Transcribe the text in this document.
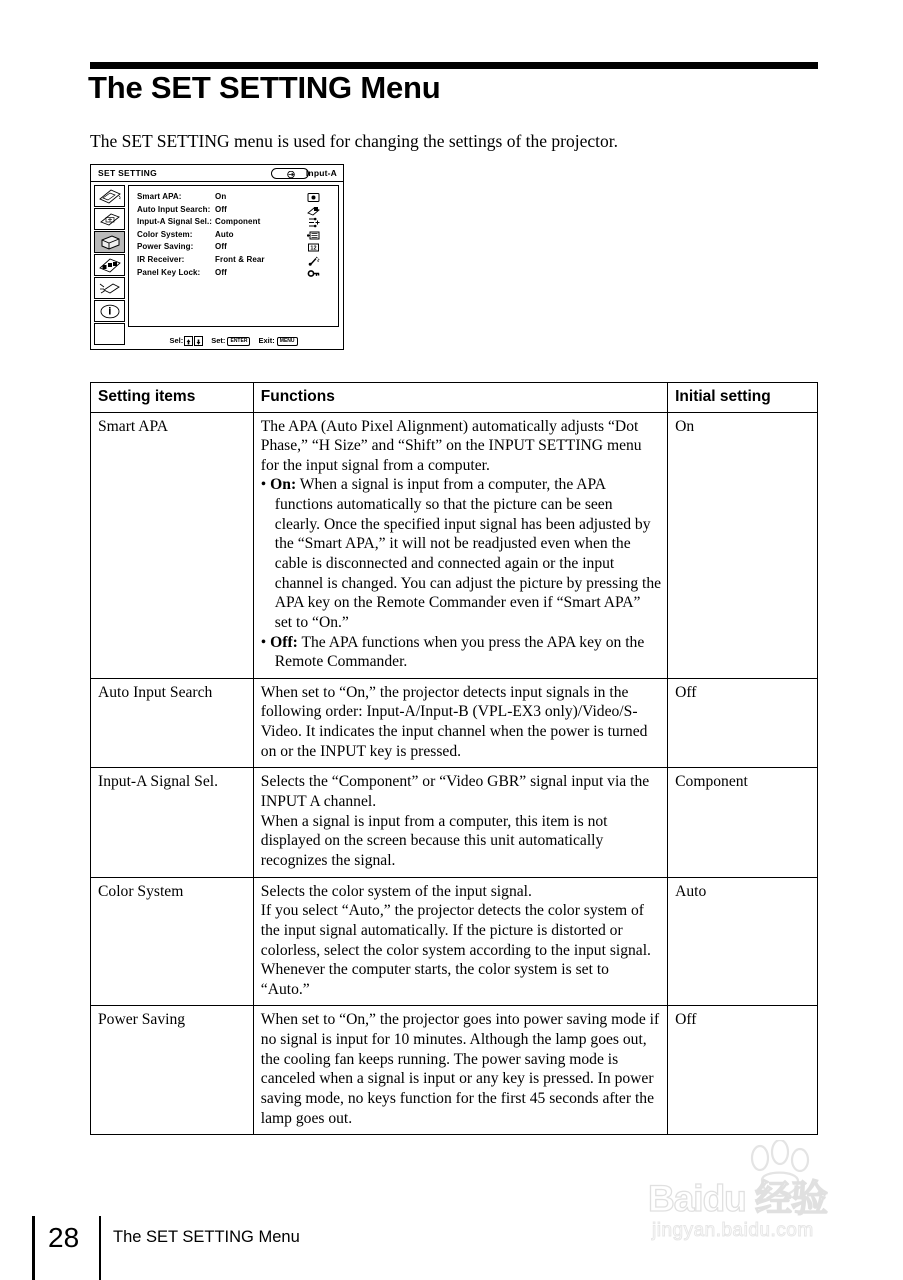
The SET SETTING Menu
The SET SETTING menu is used for changing the settings of the projector.
SET SETTING	Input-A
Smart APA:	On
Auto Input Search: Off
Input-A Signal Sel.: Component
Color System:	Auto
Power Saving:	Off	12
IR Receiver:	Front & Rear
Panel Key Lock: Off
Sel:	Set: ENTER Exit: MENU
Setting items	Functions	Initial setting
Smart APA	The APA (Auto Pixel Alignment) automatically adjusts “Dot Phase,” “H Size” and “Shift” on the INPUT SETTING menu for the input signal from a computer.

• On: When a signal is input from a computer, the APA functions automatically so that the picture can be seen clearly. Once the specified input signal has been adjusted by the “Smart APA,” it will not be readjusted even when the cable is disconnected and connected again or the input channel is changed. You can adjust the picture by pressing the APA key on the Remote Commander even if “Smart APA” set to “On.”

• Off: The APA functions when you press the APA key on the Remote Commander.	On
Auto Input Search	When set to “On,” the projector detects input signals in the following order: Input-A/Input-B (VPL-EX3 only)/Video/S-Video. It indicates the input channel when the power is turned on or the INPUT key is pressed.	Off
Input-A Signal Sel.	Selects the “Component” or “Video GBR” signal input via the INPUT A channel.

When a signal is input from a computer, this item is not displayed on the screen because this unit automatically recognizes the signal.	Component
Color System	Selects the color system of the input signal.

If you select “Auto,” the projector detects the color system of the input signal automatically. If the picture is distorted or colorless, select the color system according to the input signal.

Whenever the computer starts, the color system is set to “Auto.”	Auto
Power Saving	When set to “On,” the projector goes into power saving mode if no signal is input for 10 minutes. Although the lamp goes out, the cooling fan keeps running. The power saving mode is canceled when a signal is input or any key is pressed. In power saving mode, no keys function for the first 45 seconds after the lamp goes out.	Off
28 The SET SETTING Menu
Baidu 经验
jingyan.baidu.com
